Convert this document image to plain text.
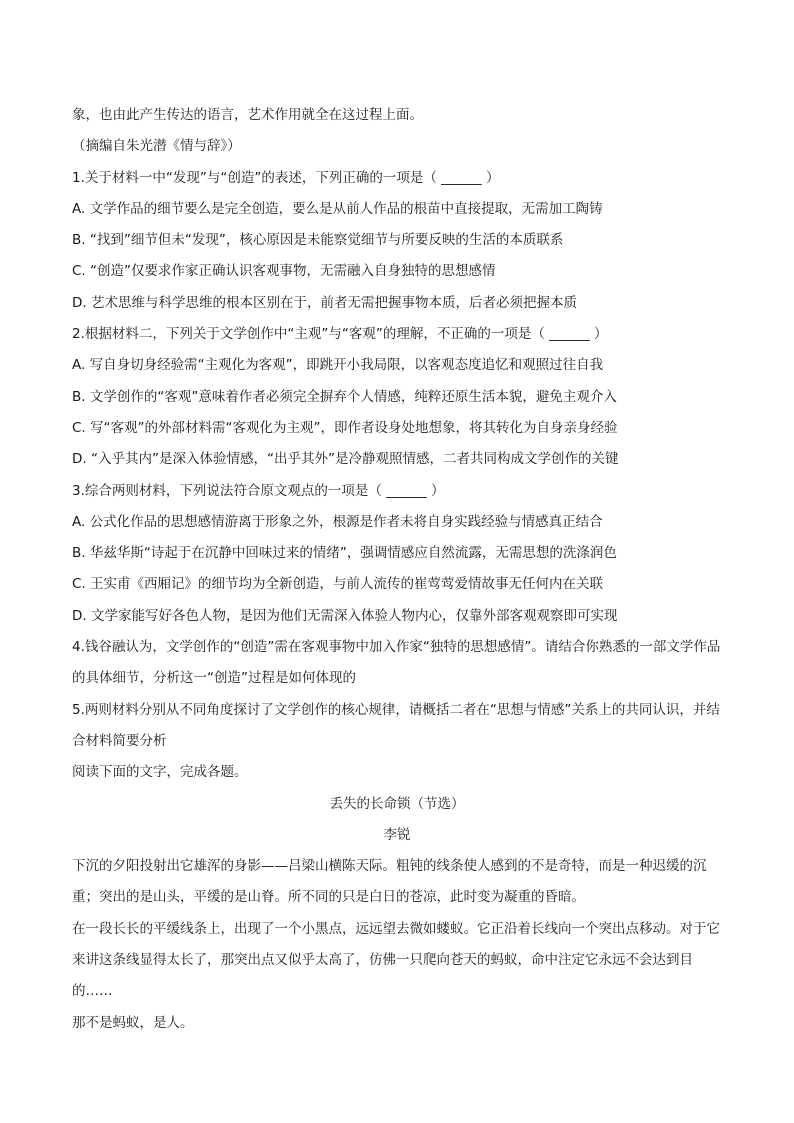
象，也由此产生传达的语言，艺术作用就全在这过程上面。
（摘编自朱光潜《情与辞》）
1.关于材料一中“发现”与“创造”的表述，下列正确的一项是（ ______ ）
A. 文学作品的细节要么是完全创造，要么是从前人作品的根苗中直接提取，无需加工陶铸
B. “找到”细节但未“发现”，核心原因是未能察觉细节与所要反映的生活的本质联系
C. “创造”仅要求作家正确认识客观事物，无需融入自身独特的思想感情
D. 艺术思维与科学思维的根本区别在于，前者无需把握事物本质，后者必须把握本质
2.根据材料二，下列关于文学创作中“主观”与“客观”的理解，不正确的一项是（ ______ ）
A. 写自身切身经验需“主观化为客观”，即跳开小我局限，以客观态度追忆和观照过往自我
B. 文学创作的“客观”意味着作者必须完全摒弃个人情感，纯粹还原生活本貌，避免主观介入
C. 写“客观”的外部材料需“客观化为主观”，即作者设身处地想象，将其转化为自身亲身经验
D. “入乎其内”是深入体验情感，“出乎其外”是冷静观照情感，二者共同构成文学创作的关键
3.综合两则材料，下列说法符合原文观点的一项是（ ______ ）
A. 公式化作品的思想感情游离于形象之外，根源是作者未将自身实践经验与情感真正结合
B. 华兹华斯“诗起于在沉静中回味过来的情绪”，强调情感应自然流露，无需思想的洗涤润色
C. 王实甫《西厢记》的细节均为全新创造，与前人流传的崔莺莺爱情故事无任何内在关联
D. 文学家能写好各色人物，是因为他们无需深入体验人物内心，仅靠外部客观观察即可实现
4.钱谷融认为，文学创作的“创造”需在客观事物中加入作家“独特的思想感情”。请结合你熟悉的一部文学作品的具体细节，分析这一“创造”过程是如何体现的
5.两则材料分别从不同角度探讨了文学创作的核心规律，请概括二者在“思想与情感”关系上的共同认识，并结合材料简要分析
阅读下面的文字，完成各题。
丢失的长命锁（节选）
李锐
下沉的夕阳投射出它雄浑的身影——吕梁山横陈天际。粗钝的线条使人感到的不是奇特，而是一种迟缓的沉重；突出的是山头，平缓的是山脊。所不同的只是白日的苍凉，此时变为凝重的昏暗。
在一段长长的平缓线条上，出现了一个小黑点，远远望去微如蝼蚁。它正沿着长线向一个突出点移动。对于它来讲这条线显得太长了，那突出点又似乎太高了，仿佛一只爬向苍天的蚂蚁，命中注定它永远不会达到目的……
那不是蚂蚁，是人。
